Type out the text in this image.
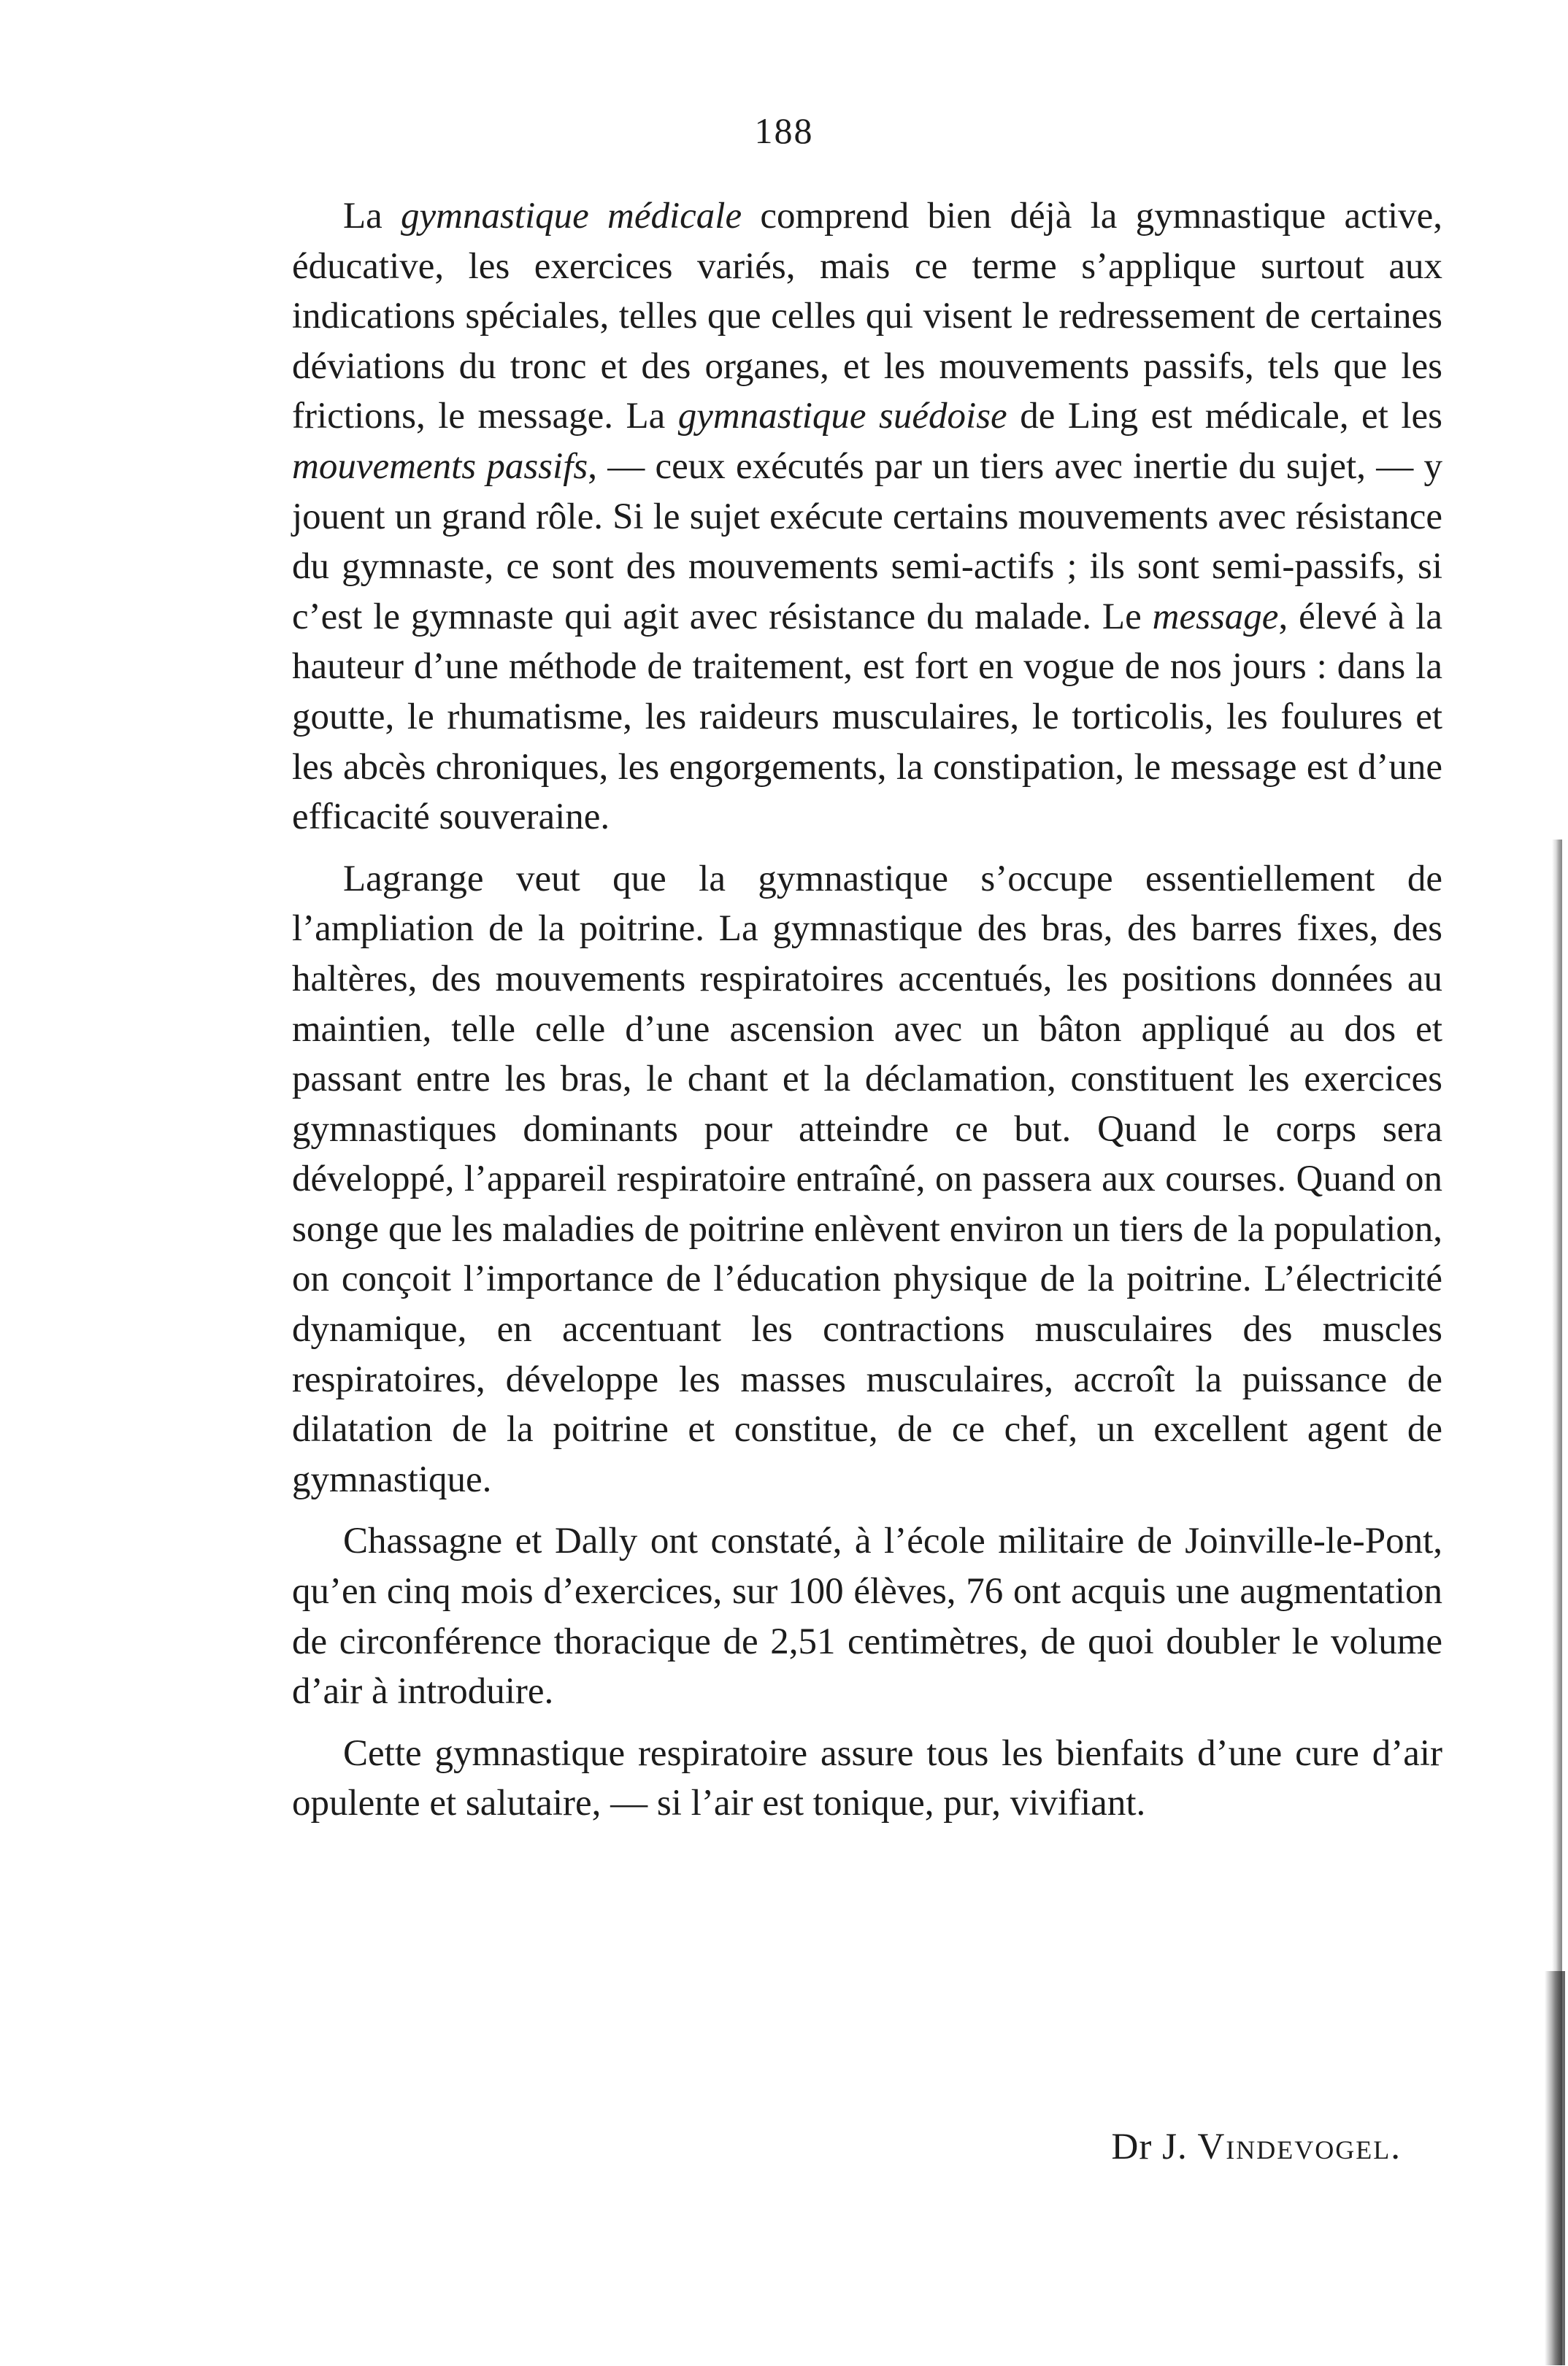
188

La gymnastique médicale comprend bien déjà la gymnastique active, éducative, les exercices variés, mais ce terme s’applique surtout aux indications spéciales, telles que celles qui visent le redressement de certaines déviations du tronc et des organes, et les mouvements passifs, tels que les frictions, le message. La gymnastique suédoise de Ling est médicale, et les mouvements passifs, — ceux exécutés par un tiers avec inertie du sujet, — y jouent un grand rôle. Si le sujet exécute certains mouvements avec résistance du gymnaste, ce sont des mouvements semi-actifs ; ils sont semi-passifs, si c’est le gymnaste qui agit avec résistance du malade. Le message, élevé à la hauteur d’une méthode de traitement, est fort en vogue de nos jours : dans la goutte, le rhumatisme, les raideurs musculaires, le torticolis, les foulures et les abcès chroniques, les engorgements, la constipation, le message est d’une efficacité souveraine.

Lagrange veut que la gymnastique s’occupe essentiellement de l’ampliation de la poitrine. La gymnastique des bras, des barres fixes, des haltères, des mouvements respiratoires accentués, les positions données au maintien, telle celle d’une ascension avec un bâton appliqué au dos et passant entre les bras, le chant et la déclamation, constituent les exercices gymnastiques dominants pour atteindre ce but. Quand le corps sera développé, l’appareil respiratoire entraîné, on passera aux courses. Quand on songe que les maladies de poitrine enlèvent environ un tiers de la population, on conçoit l’importance de l’éducation physique de la poitrine. L’électricité dynamique, en accentuant les contractions musculaires des muscles respiratoires, développe les masses musculaires, accroît la puissance de dilatation de la poitrine et constitue, de ce chef, un excellent agent de gymnastique.

Chassagne et Dally ont constaté, à l’école militaire de Joinville-le-Pont, qu’en cinq mois d’exercices, sur 100 élèves, 76 ont acquis une augmentation de circonférence thoracique de 2,51 centimètres, de quoi doubler le volume d’air à introduire.

Cette gymnastique respiratoire assure tous les bienfaits d’une cure d’air opulente et salutaire, — si l’air est tonique, pur, vivifiant.

Dr J. Vindevogel.
